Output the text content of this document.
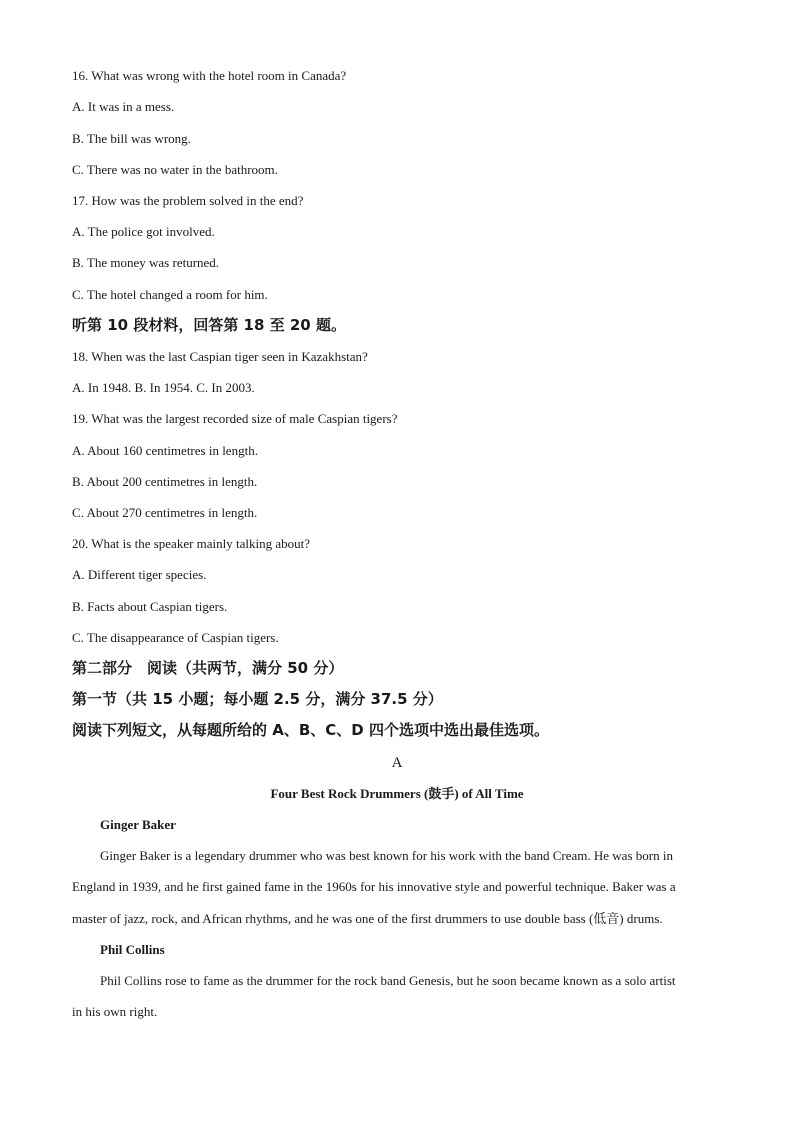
16. What was wrong with the hotel room in Canada?
A. It was in a mess.
B. The bill was wrong.
C. There was no water in the bathroom.
17. How was the problem solved in the end?
A. The police got involved.
B. The money was returned.
C. The hotel changed a room for him.
听第 10 段材料，回答第 18 至 20 题。
18. When was the last Caspian tiger seen in Kazakhstan?
A. In 1948. B. In 1954. C. In 2003.
19. What was the largest recorded size of male Caspian tigers?
A. About 160 centimetres in length.
B. About 200 centimetres in length.
C. About 270 centimetres in length.
20. What is the speaker mainly talking about?
A. Different tiger species.
B. Facts about Caspian tigers.
C. The disappearance of Caspian tigers.
第二部分　阅读（共两节，满分 50 分）
第一节（共 15 小题；每小题 2.5 分，满分 37.5 分）
阅读下列短文，从每题所给的 A、B、C、D 四个选项中选出最佳选项。
A
Four Best Rock Drummers (鼓手) of All Time
Ginger Baker
Ginger Baker is a legendary drummer who was best known for his work with the band Cream. He was born in
England in 1939, and he first gained fame in the 1960s for his innovative style and powerful technique. Baker was a
master of jazz, rock, and African rhythms, and he was one of the first drummers to use double bass (低音) drums.
Phil Collins
Phil Collins rose to fame as the drummer for the rock band Genesis, but he soon became known as a solo artist
in his own right.
